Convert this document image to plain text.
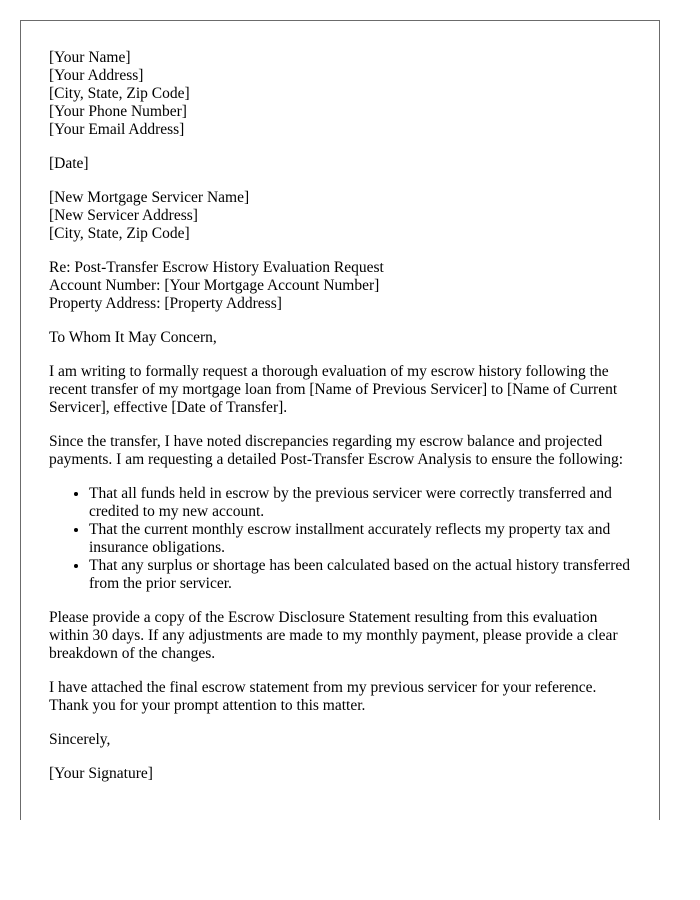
[Your Name]
[Your Address]
[City, State, Zip Code]
[Your Phone Number]
[Your Email Address]
[Date]
[New Mortgage Servicer Name]
[New Servicer Address]
[City, State, Zip Code]
Re: Post-Transfer Escrow History Evaluation Request
Account Number: [Your Mortgage Account Number]
Property Address: [Property Address]

To Whom It May Concern,

I am writing to formally request a thorough evaluation of my escrow history following the recent transfer of my mortgage loan from [Name of Previous Servicer] to [Name of Current Servicer], effective [Date of Transfer].

Since the transfer, I have noted discrepancies regarding my escrow balance and projected payments. I am requesting a detailed Post-Transfer Escrow Analysis to ensure the following:

• That all funds held in escrow by the previous servicer were correctly transferred and credited to my new account.
• That the current monthly escrow installment accurately reflects my property tax and insurance obligations.
• That any surplus or shortage has been calculated based on the actual history transferred from the prior servicer.

Please provide a copy of the Escrow Disclosure Statement resulting from this evaluation within 30 days. If any adjustments are made to my monthly payment, please provide a clear breakdown of the changes.

I have attached the final escrow statement from my previous servicer for your reference. Thank you for your prompt attention to this matter.

Sincerely,

[Your Signature]
